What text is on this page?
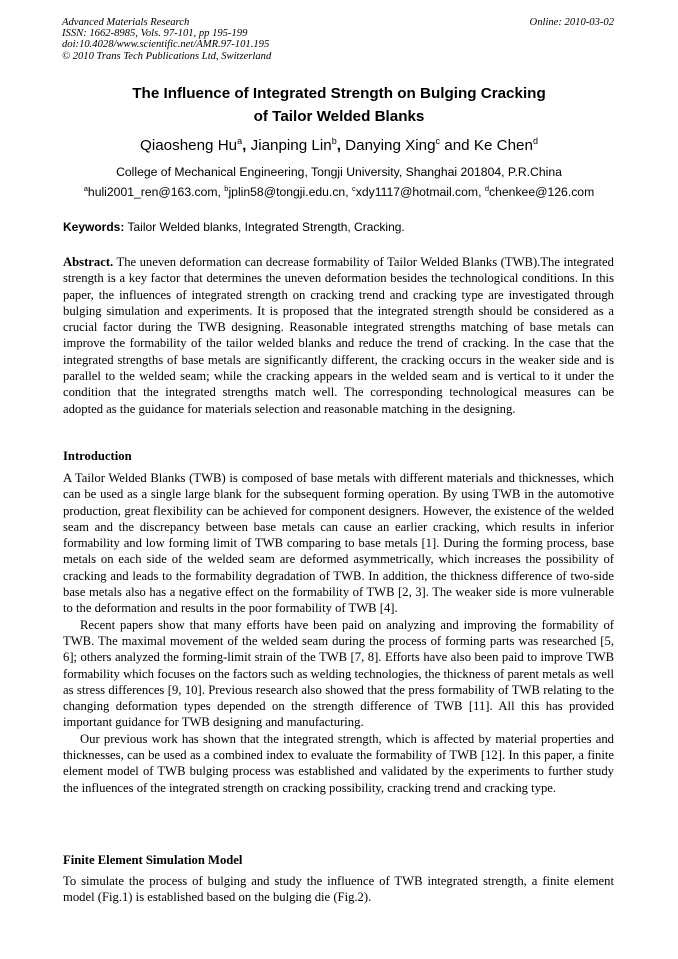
Advanced Materials Research
ISSN: 1662-8985, Vols. 97-101, pp 195-199
doi:10.4028/www.scientific.net/AMR.97-101.195
© 2010 Trans Tech Publications Ltd, Switzerland
Online: 2010-03-02
The Influence of Integrated Strength on Bulging Cracking
of Tailor Welded Blanks
Qiaosheng Hu$^a$, Jianping Lin$^b$, Danying Xing$^c$ and Ke Chen$^d$
College of Mechanical Engineering, Tongji University, Shanghai 201804, P.R.China
$^a$huli2001_ren@163.com, $^b$jplin58@tongji.edu.cn, $^c$xdy1117@hotmail.com, $^d$chenkee@126.com
Keywords: Tailor Welded blanks, Integrated Strength, Cracking.

Abstract. The uneven deformation can decrease formability of Tailor Welded Blanks (TWB).The integrated strength is a key factor that determines the uneven deformation besides the technological conditions. In this paper, the influences of integrated strength on cracking trend and cracking type are investigated through bulging simulation and experiments. It is proposed that the integrated strength should be considered as a crucial factor during the TWB designing. Reasonable integrated strengths matching of base metals can improve the formability of the tailor welded blanks and reduce the trend of cracking. In the case that the integrated strengths of base metals are significantly different, the cracking occurs in the weaker side and is parallel to the welded seam; while the cracking appears in the welded seam and is vertical to it under the condition that the integrated strengths match well. The corresponding technological measures can be adopted as the guidance for materials selection and reasonable matching in the designing.

Introduction

A Tailor Welded Blanks (TWB) is composed of base metals with different materials and thicknesses, which can be used as a single large blank for the subsequent forming operation. By using TWB in the automotive production, great flexibility can be achieved for component designers. However, the existence of the welded seam and the discrepancy between base metals can cause an earlier cracking, which results in inferior formability and low forming limit of TWB comparing to base metals [1]. During the forming process, base metals on each side of the welded seam are deformed asymmetrically, which increases the possibility of cracking and leads to the formability degradation of TWB. In addition, the thickness difference of two-side base metals also has a negative effect on the formability of TWB [2, 3]. The weaker side is more vulnerable to the deformation and results in the poor formability of TWB [4].

Recent papers show that many efforts have been paid on analyzing and improving the formability of TWB. The maximal movement of the welded seam during the process of forming parts was researched [5, 6]; others analyzed the forming-limit strain of the TWB [7, 8]. Efforts have also been paid to improve TWB formability which focuses on the factors such as welding technologies, the thickness of parent metals as well as stress differences [9, 10]. Previous research also showed that the press formability of TWB relating to the changing deformation types depended on the strength difference of TWB [11]. All this has provided important guidance for TWB designing and manufacturing.

Our previous work has shown that the integrated strength, which is affected by material properties and thicknesses, can be used as a combined index to evaluate the formability of TWB [12]. In this paper, a finite element model of TWB bulging process was established and validated by the experiments to further study the influences of the integrated strength on cracking possibility, cracking trend and cracking type.

Finite Element Simulation Model

To simulate the process of bulging and study the influence of TWB integrated strength, a finite element model (Fig.1) is established based on the bulging die (Fig.2).
